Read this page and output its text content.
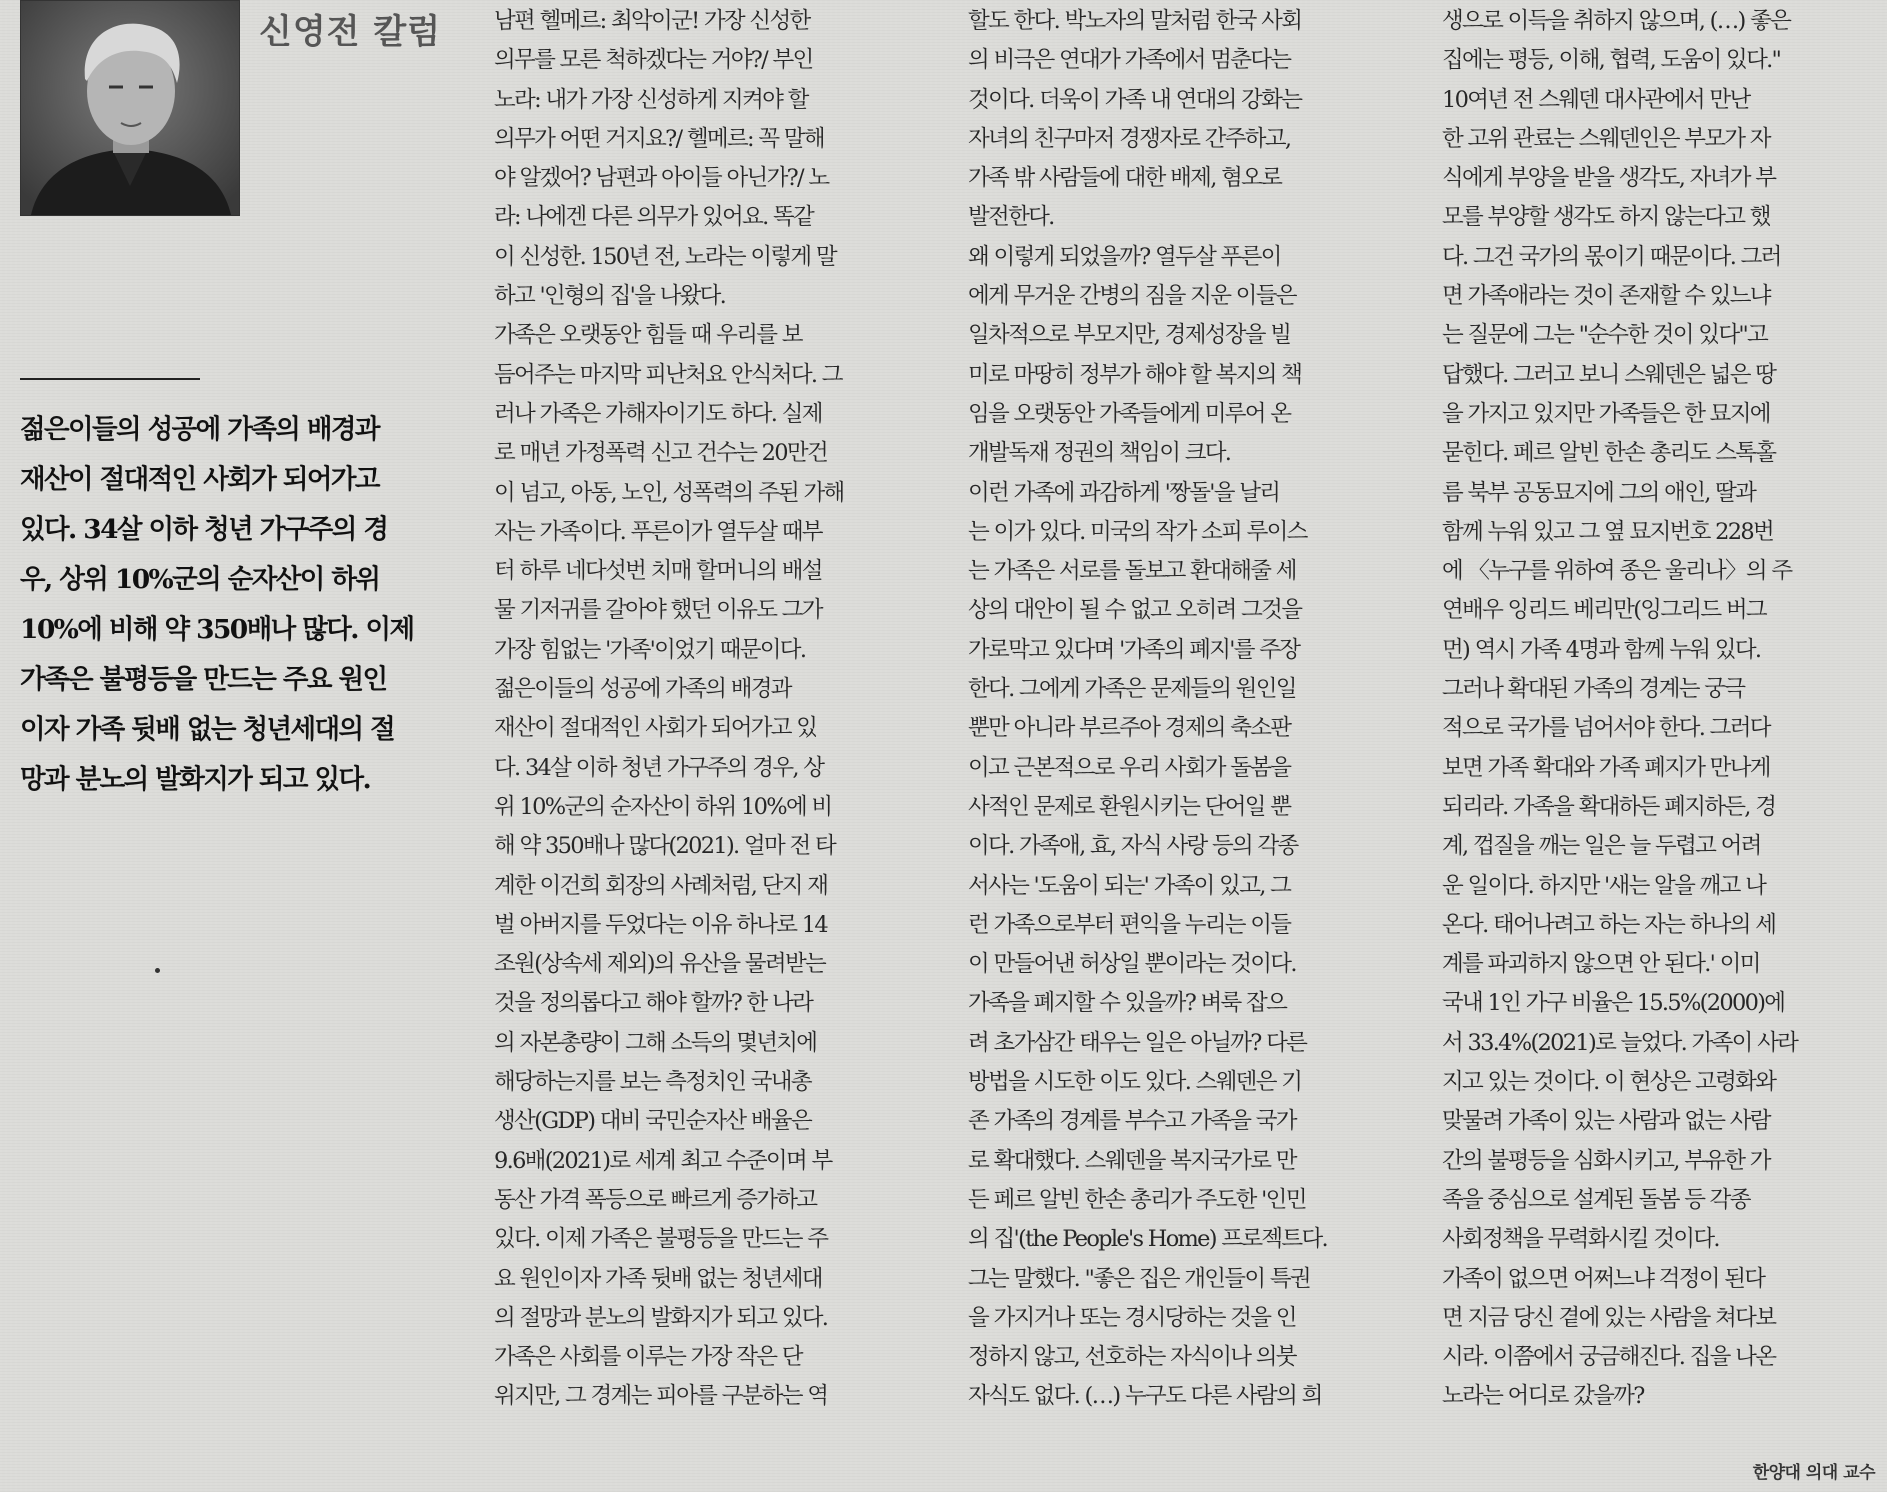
신영전 칼럼
젊은이들의 성공에 가족의 배경과
재산이 절대적인 사회가 되어가고
있다. 34살 이하 청년 가구주의 경
우, 상위 10%군의 순자산이 하위
10%에 비해 약 350배나 많다. 이제
가족은 불평등을 만드는 주요 원인
이자 가족 뒷배 없는 청년세대의 절
망과 분노의 발화지가 되고 있다.
남편 헬메르: 최악이군! 가장 신성한
의무를 모른 척하겠다는 거야?/ 부인
노라: 내가 가장 신성하게 지켜야 할
의무가 어떤 거지요?/ 헬메르: 꼭 말해
야 알겠어? 남편과 아이들 아닌가?/ 노
라: 나에겐 다른 의무가 있어요. 똑같
이 신성한. 150년 전, 노라는 이렇게 말
하고 '인형의 집'을 나왔다.
가족은 오랫동안 힘들 때 우리를 보
듬어주는 마지막 피난처요 안식처다. 그
러나 가족은 가해자이기도 하다. 실제
로 매년 가정폭력 신고 건수는 20만건
이 넘고, 아동, 노인, 성폭력의 주된 가해
자는 가족이다. 푸른이가 열두살 때부
터 하루 네다섯번 치매 할머니의 배설
물 기저귀를 갈아야 했던 이유도 그가
가장 힘없는 '가족'이었기 때문이다.
젊은이들의 성공에 가족의 배경과
재산이 절대적인 사회가 되어가고 있
다. 34살 이하 청년 가구주의 경우, 상
위 10%군의 순자산이 하위 10%에 비
해 약 350배나 많다(2021). 얼마 전 타
계한 이건희 회장의 사례처럼, 단지 재
벌 아버지를 두었다는 이유 하나로 14
조원(상속세 제외)의 유산을 물려받는
것을 정의롭다고 해야 할까? 한 나라
의 자본총량이 그해 소득의 몇년치에
해당하는지를 보는 측정치인 국내총
생산(GDP) 대비 국민순자산 배율은
9.6배(2021)로 세계 최고 수준이며 부
동산 가격 폭등으로 빠르게 증가하고
있다. 이제 가족은 불평등을 만드는 주
요 원인이자 가족 뒷배 없는 청년세대
의 절망과 분노의 발화지가 되고 있다.
가족은 사회를 이루는 가장 작은 단
위지만, 그 경계는 피아를 구분하는 역
할도 한다. 박노자의 말처럼 한국 사회
의 비극은 연대가 가족에서 멈춘다는
것이다. 더욱이 가족 내 연대의 강화는
자녀의 친구마저 경쟁자로 간주하고,
가족 밖 사람들에 대한 배제, 혐오로
발전한다.
왜 이렇게 되었을까? 열두살 푸른이
에게 무거운 간병의 짐을 지운 이들은
일차적으로 부모지만, 경제성장을 빌
미로 마땅히 정부가 해야 할 복지의 책
임을 오랫동안 가족들에게 미루어 온
개발독재 정권의 책임이 크다.
이런 가족에 과감하게 '짱돌'을 날리
는 이가 있다. 미국의 작가 소피 루이스
는 가족은 서로를 돌보고 환대해줄 세
상의 대안이 될 수 없고 오히려 그것을
가로막고 있다며 '가족의 폐지'를 주장
한다. 그에게 가족은 문제들의 원인일
뿐만 아니라 부르주아 경제의 축소판
이고 근본적으로 우리 사회가 돌봄을
사적인 문제로 환원시키는 단어일 뿐
이다. 가족애, 효, 자식 사랑 등의 각종
서사는 '도움이 되는' 가족이 있고, 그
런 가족으로부터 편익을 누리는 이들
이 만들어낸 허상일 뿐이라는 것이다.
가족을 폐지할 수 있을까? 벼룩 잡으
려 초가삼간 태우는 일은 아닐까? 다른
방법을 시도한 이도 있다. 스웨덴은 기
존 가족의 경계를 부수고 가족을 국가
로 확대했다. 스웨덴을 복지국가로 만
든 페르 알빈 한손 총리가 주도한 '인민
의 집'(the People's Home) 프로젝트다.
그는 말했다. "좋은 집은 개인들이 특권
을 가지거나 또는 경시당하는 것을 인
정하지 않고, 선호하는 자식이나 의붓
자식도 없다. (…) 누구도 다른 사람의 희
생으로 이득을 취하지 않으며, (…) 좋은
집에는 평등, 이해, 협력, 도움이 있다."
10여년 전 스웨덴 대사관에서 만난
한 고위 관료는 스웨덴인은 부모가 자
식에게 부양을 받을 생각도, 자녀가 부
모를 부양할 생각도 하지 않는다고 했
다. 그건 국가의 몫이기 때문이다. 그러
면 가족애라는 것이 존재할 수 있느냐
는 질문에 그는 "순수한 것이 있다"고
답했다. 그러고 보니 스웨덴은 넓은 땅
을 가지고 있지만 가족들은 한 묘지에
묻힌다. 페르 알빈 한손 총리도 스톡홀
름 북부 공동묘지에 그의 애인, 딸과
함께 누워 있고 그 옆 묘지번호 228번
에 〈누구를 위하여 종은 울리나〉의 주
연배우 잉리드 베리만(잉그리드 버그
먼) 역시 가족 4명과 함께 누워 있다.
그러나 확대된 가족의 경계는 궁극
적으로 국가를 넘어서야 한다. 그러다
보면 가족 확대와 가족 폐지가 만나게
되리라. 가족을 확대하든 폐지하든, 경
계, 껍질을 깨는 일은 늘 두렵고 어려
운 일이다. 하지만 '새는 알을 깨고 나
온다. 태어나려고 하는 자는 하나의 세
계를 파괴하지 않으면 안 된다.' 이미
국내 1인 가구 비율은 15.5%(2000)에
서 33.4%(2021)로 늘었다. 가족이 사라
지고 있는 것이다. 이 현상은 고령화와
맞물려 가족이 있는 사람과 없는 사람
간의 불평등을 심화시키고, 부유한 가
족을 중심으로 설계된 돌봄 등 각종
사회정책을 무력화시킬 것이다.
가족이 없으면 어쩌느냐 걱정이 된다
면 지금 당신 곁에 있는 사람을 쳐다보
시라. 이쯤에서 궁금해진다. 집을 나온
노라는 어디로 갔을까?
한양대 의대 교수
